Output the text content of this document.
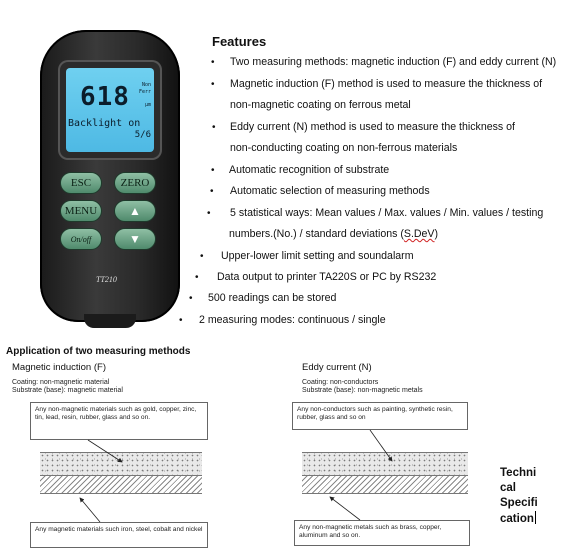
618 Non
Ferr
μm
Backlight on
5/6
ESC	ZERO
MENU	▲
On/off	▼
TT210
Features
• Two measuring methods: magnetic induction (F) and eddy current (N)
• Magnetic induction (F) method is used to measure the thickness of
non-magnetic coating on ferrous metal
• Eddy current (N) method is used to measure the thickness of
non-conducting coating on non-ferrous materials
• Automatic recognition of substrate
• Automatic selection of measuring methods
• 5 statistical ways: Mean values / Max. values / Min. values / testing
numbers.(No.) / standard deviations (S.DeV)
• Upper-lower limit setting and soundalarm
• Data output to printer TA220S or PC by RS232
• 500 readings can be stored
• 2 measuring modes: continuous / single
Application of two measuring methods
Magnetic induction (F)
Coating: non-magnetic material
Substrate (base): magnetic material
Any non-magnetic materials such as gold, copper, zinc, tin, lead, resin, rubber, glass and so on.
Any magnetic materials such iron, steel, cobalt and nickel
Eddy current (N)
Coating: non-conductors
Substrate (base): non-magnetic metals
Any non-conductors such as painting, synthetic resin, rubber, glass and so on
Any non-magnetic metals such as brass, copper, aluminum and so on.
Techni
cal
Specifi
cation
